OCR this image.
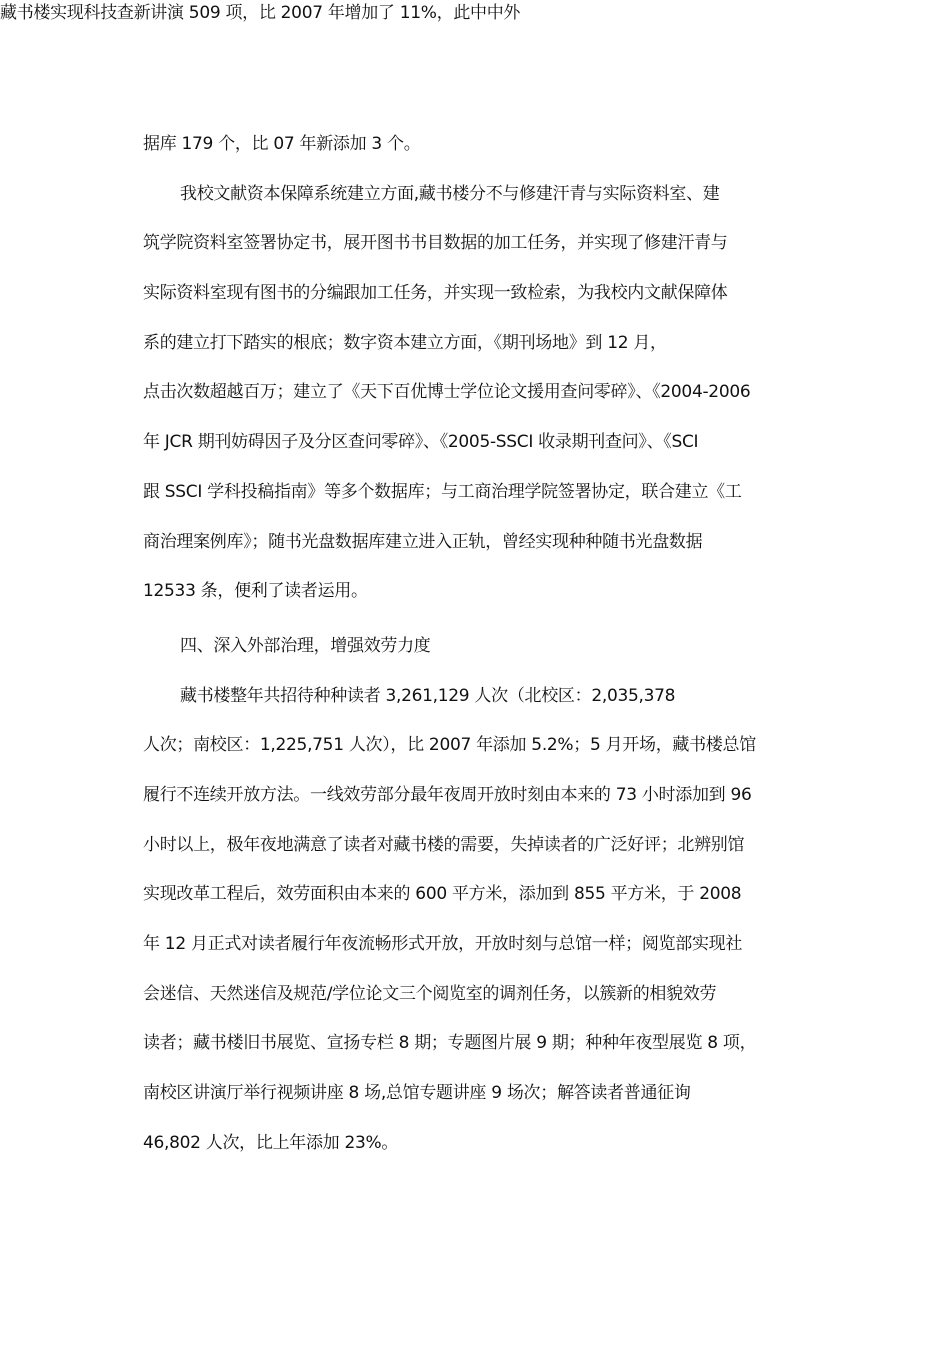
藏书楼实现科技查新讲演 509 项，比 2007 年增加了 11%，此中中外
据库 179 个，比 07 年新添加 3 个。
我校文献资本保障系统建立方面,藏书楼分不与修建汗青与实际资料室、建
筑学院资料室签署协定书，展开图书书目数据的加工任务，并实现了修建汗青与
实际资料室现有图书的分编跟加工任务，并实现一致检索，为我校内文献保障体
系的建立打下踏实的根底；数字资本建立方面，《期刊场地》到 12 月，
点击次数超越百万；建立了《天下百优博士学位论文援用查问零碎》、《2004-2006
年 JCR 期刊妨碍因子及分区查问零碎》、《2005-SSCI 收录期刊查问》、《SCI
跟 SSCI 学科投稿指南》等多个数据库；与工商治理学院签署协定，联合建立《工
商治理案例库》；随书光盘数据库建立进入正轨，曾经实现种种随书光盘数据
12533 条，便利了读者运用。
四、深入外部治理，增强效劳力度
藏书楼整年共招待种种读者 3,261,129 人次（北校区：2,035,378
人次；南校区：1,225,751 人次），比 2007 年添加 5.2%；5 月开场，藏书楼总馆
履行不连续开放方法。一线效劳部分最年夜周开放时刻由本来的 73 小时添加到 96
小时以上，极年夜地满意了读者对藏书楼的需要，失掉读者的广泛好评；北辨别馆
实现改革工程后，效劳面积由本来的 600 平方米，添加到 855 平方米，于 2008
年 12 月正式对读者履行年夜流畅形式开放，开放时刻与总馆一样；阅览部实现社
会迷信、天然迷信及规范/学位论文三个阅览室的调剂任务，以簇新的相貌效劳
读者；藏书楼旧书展览、宣扬专栏 8 期；专题图片展 9 期；种种年夜型展览 8 项，
南校区讲演厅举行视频讲座 8 场,总馆专题讲座 9 场次；解答读者普通征询
46,802 人次，比上年添加 23%。
